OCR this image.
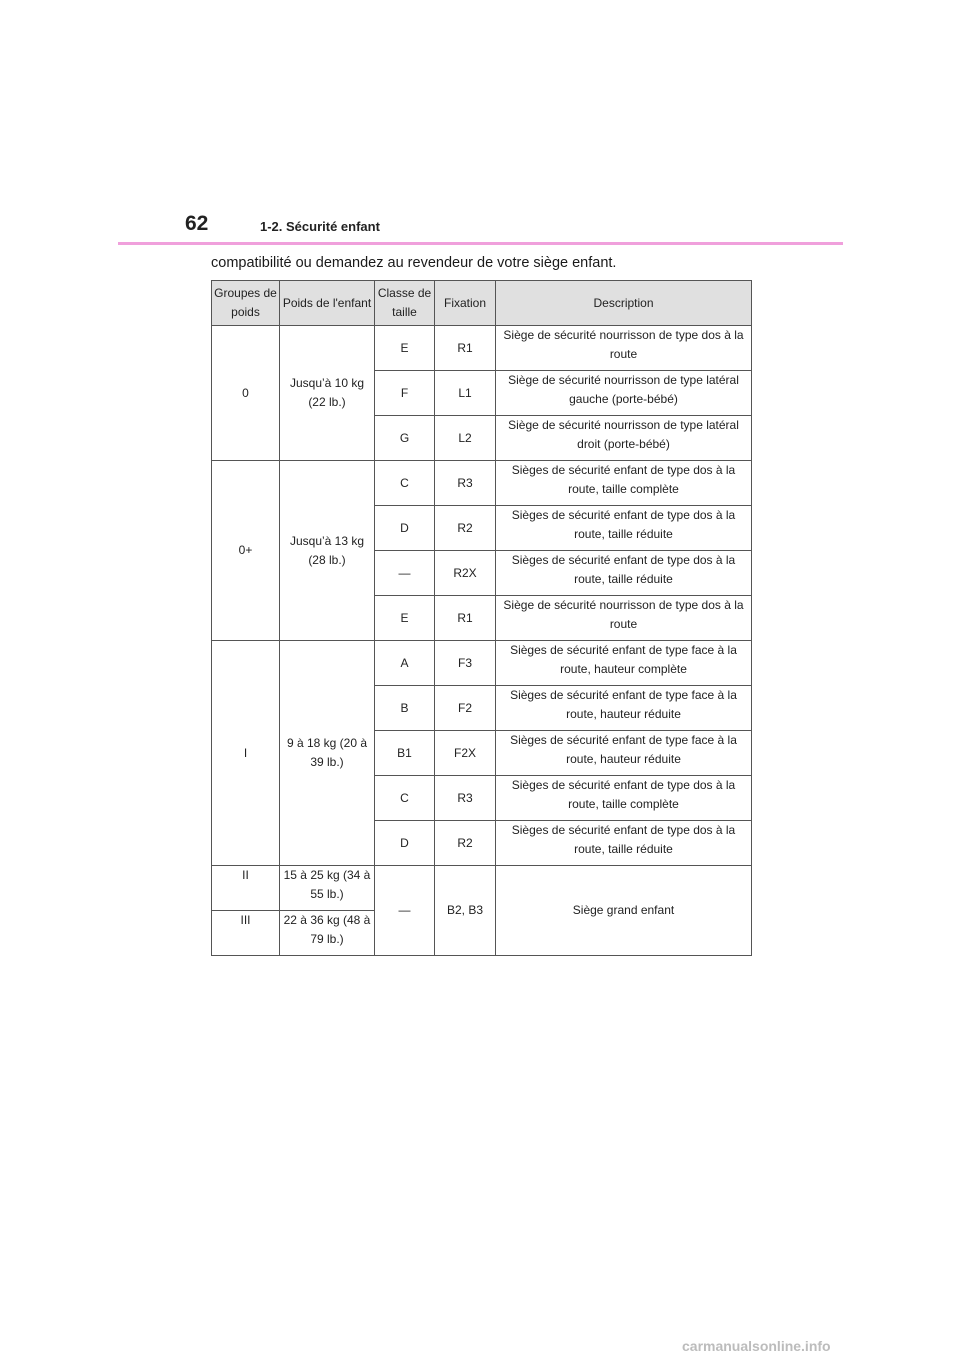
62	1-2. Sécurité enfant
compatibilité ou demandez au revendeur de votre siège enfant.
Groupes de poids	Poids de l'enfant	Classe de taille	Fixation	Description
0	Jusqu’à 10 kg (22 lb.)	E	R1	Siège de sécurité nourrisson de type dos à la route
		F	L1	Siège de sécurité nourrisson de type latéral gauche (porte-bébé)
		G	L2	Siège de sécurité nourrisson de type latéral droit (porte-bébé)
0+	Jusqu’à 13 kg (28 lb.)	C	R3	Sièges de sécurité enfant de type dos à la route, taille complète
		D	R2	Sièges de sécurité enfant de type dos à la route, taille réduite
		—	R2X	Sièges de sécurité enfant de type dos à la route, taille réduite
		E	R1	Siège de sécurité nourrisson de type dos à la route
I	9 à 18 kg (20 à 39 lb.)	A	F3	Sièges de sécurité enfant de type face à la route, hauteur complète
		B	F2	Sièges de sécurité enfant de type face à la route, hauteur réduite
		B1	F2X	Sièges de sécurité enfant de type face à la route, hauteur réduite
		C	R3	Sièges de sécurité enfant de type dos à la route, taille complète
		D	R2	Sièges de sécurité enfant de type dos à la route, taille réduite
II	15 à 25 kg (34 à 55 lb.)	—	B2, B3	Siège grand enfant
III	22 à 36 kg (48 à 79 lb.)			
carmanualsonline.info
